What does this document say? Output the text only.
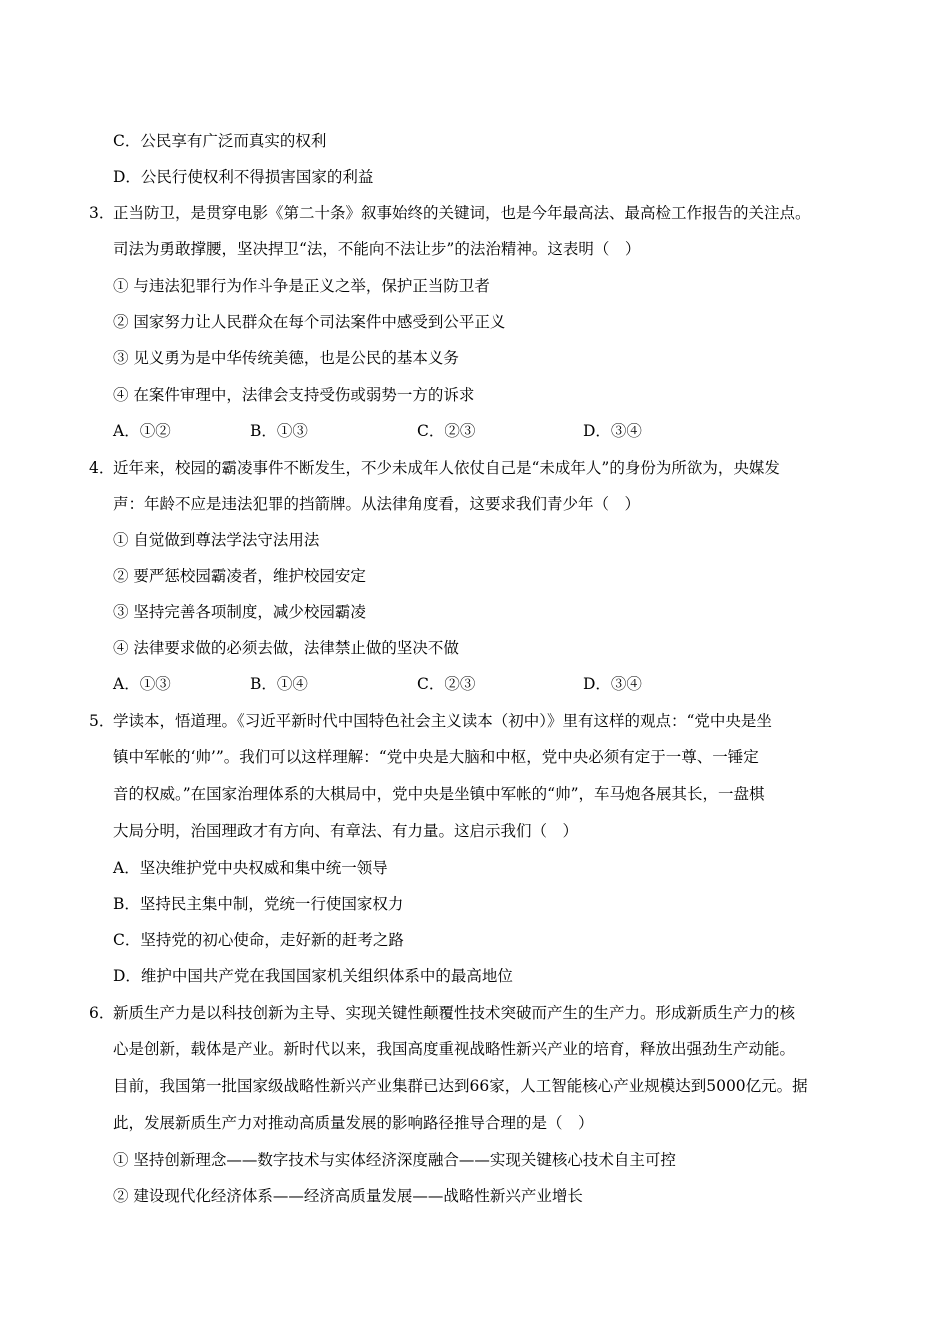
C．公民享有广泛而真实的权利
D．公民行使权利不得损害国家的利益
3．
正当防卫，是贯穿电影《第二十条》叙事始终的关键词，也是今年最高法、最高检工作报告的关注点。
司法为勇敢撑腰，坚决捍卫“法，不能向不法让步”的法治精神。这表明（　）
① 与违法犯罪行为作斗争是正义之举，保护正当防卫者
② 国家努力让人民群众在每个司法案件中感受到公平正义
③ 见义勇为是中华传统美德，也是公民的基本义务
④ 在案件审理中，法律会支持受伤或弱势一方的诉求
A．①②	B．①③	C．②③	D．③④
4．
近年来，校园的霸凌事件不断发生，不少未成年人依仗自己是“未成年人”的身份为所欲为，央媒发
声：年龄不应是违法犯罪的挡箭牌。从法律角度看，这要求我们青少年（　）
① 自觉做到尊法学法守法用法
② 要严惩校园霸凌者，维护校园安定
③ 坚持完善各项制度，减少校园霸凌
④ 法律要求做的必须去做，法律禁止做的坚决不做
A．①③	B．①④	C．②③	D．③④
5．
学读本，悟道理。《习近平新时代中国特色社会主义读本（初中）》里有这样的观点：“党中央是坐
镇中军帐的‘帅’”。我们可以这样理解：“党中央是大脑和中枢，党中央必须有定于一尊、一锤定
音的权威。”在国家治理体系的大棋局中，党中央是坐镇中军帐的“帅”，车马炮各展其长，一盘棋
大局分明，治国理政才有方向、有章法、有力量。这启示我们（　）
A．坚决维护党中央权威和集中统一领导
B．坚持民主集中制，党统一行使国家权力
C．坚持党的初心使命，走好新的赶考之路
D．维护中国共产党在我国国家机关组织体系中的最高地位
6．
新质生产力是以科技创新为主导、实现关键性颠覆性技术突破而产生的生产力。形成新质生产力的核
心是创新，载体是产业。新时代以来，我国高度重视战略性新兴产业的培育，释放出强劲生产动能。
目前，我国第一批国家级战略性新兴产业集群已达到66家，人工智能核心产业规模达到5000亿元。据
此，发展新质生产力对推动高质量发展的影响路径推导合理的是（　）
① 坚持创新理念——数字技术与实体经济深度融合——实现关键核心技术自主可控
② 建设现代化经济体系——经济高质量发展——战略性新兴产业增长
